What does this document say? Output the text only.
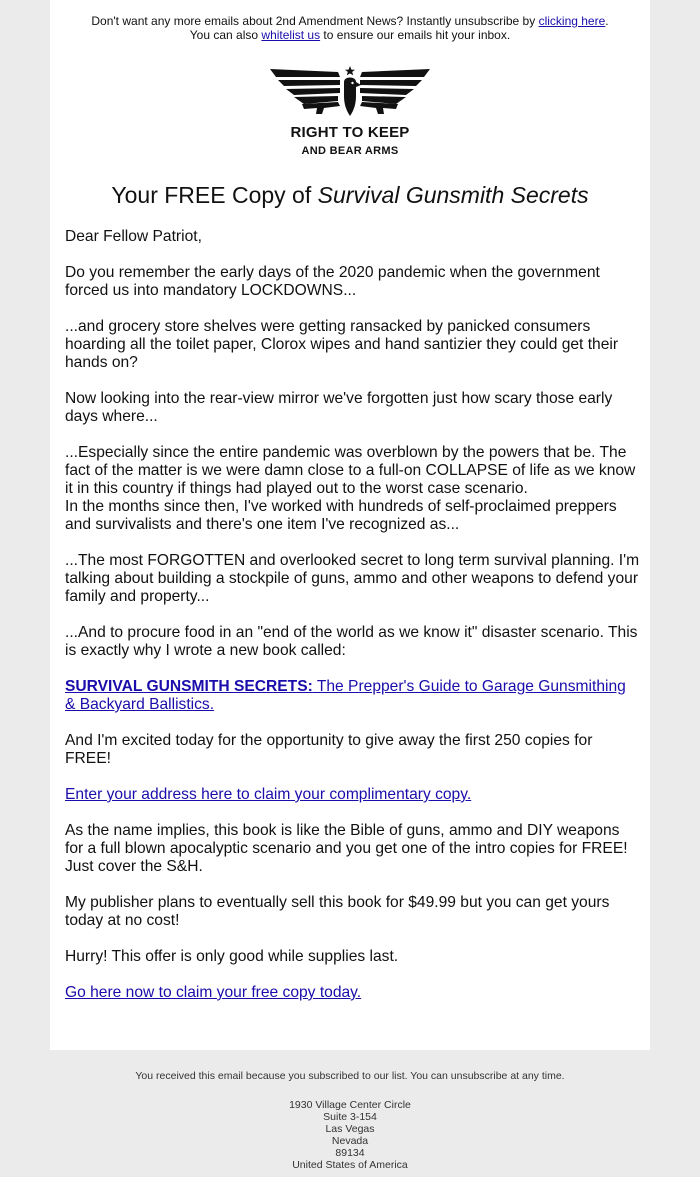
Don't want any more emails about 2nd Amendment News? Instantly unsubscribe by clicking here.
You can also whitelist us to ensure our emails hit your inbox.
RIGHT TO KEEP
AND BEAR ARMS
Your FREE Copy of Survival Gunsmith Secrets

Dear Fellow Patriot,

Do you remember the early days of the 2020 pandemic when the government forced us into mandatory LOCKDOWNS...

...and grocery store shelves were getting ransacked by panicked consumers hoarding all the toilet paper, Clorox wipes and hand santizier they could get their hands on?

Now looking into the rear-view mirror we've forgotten just how scary those early days where...

...Especially since the entire pandemic was overblown by the powers that be. The fact of the matter is we were damn close to a full-on COLLAPSE of life as we know it in this country if things had played out to the worst case scenario.
In the months since then, I've worked with hundreds of self-proclaimed preppers and survivalists and there's one item I've recognized as...

...The most FORGOTTEN and overlooked secret to long term survival planning. I'm talking about building a stockpile of guns, ammo and other weapons to defend your family and property...

...And to procure food in an "end of the world as we know it" disaster scenario. This is exactly why I wrote a new book called:

SURVIVAL GUNSMITH SECRETS: The Prepper's Guide to Garage Gunsmithing & Backyard Ballistics.

And I'm excited today for the opportunity to give away the first 250 copies for FREE!

Enter your address here to claim your complimentary copy.

As the name implies, this book is like the Bible of guns, ammo and DIY weapons for a full blown apocalyptic scenario and you get one of the intro copies for FREE! Just cover the S&H.

My publisher plans to eventually sell this book for $49.99 but you can get yours today at no cost!

Hurry! This offer is only good while supplies last.

Go here now to claim your free copy today.

You received this email because you subscribed to our list. You can unsubscribe at any time.
1930 Village Center Circle
Suite 3-154
Las Vegas
Nevada
89134
United States of America
